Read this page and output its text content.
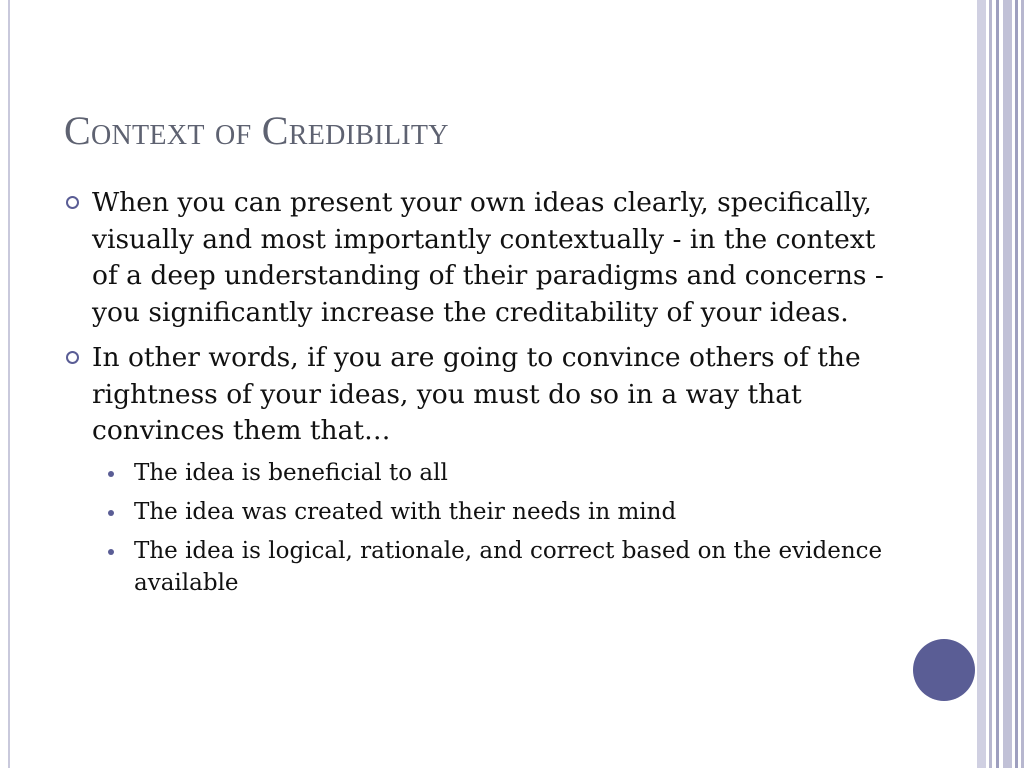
Context of Credibility
When you can present your own ideas clearly, specifically, visually and most importantly contextually - in the context of a deep understanding of their paradigms and concerns - you significantly increase the creditability of your ideas.
In other words, if you are going to convince others of the rightness of your ideas, you must do so in a way that convinces them that…
The idea is beneficial to all
The idea was created with their needs in mind
The idea is logical, rationale, and correct based on the evidence available
